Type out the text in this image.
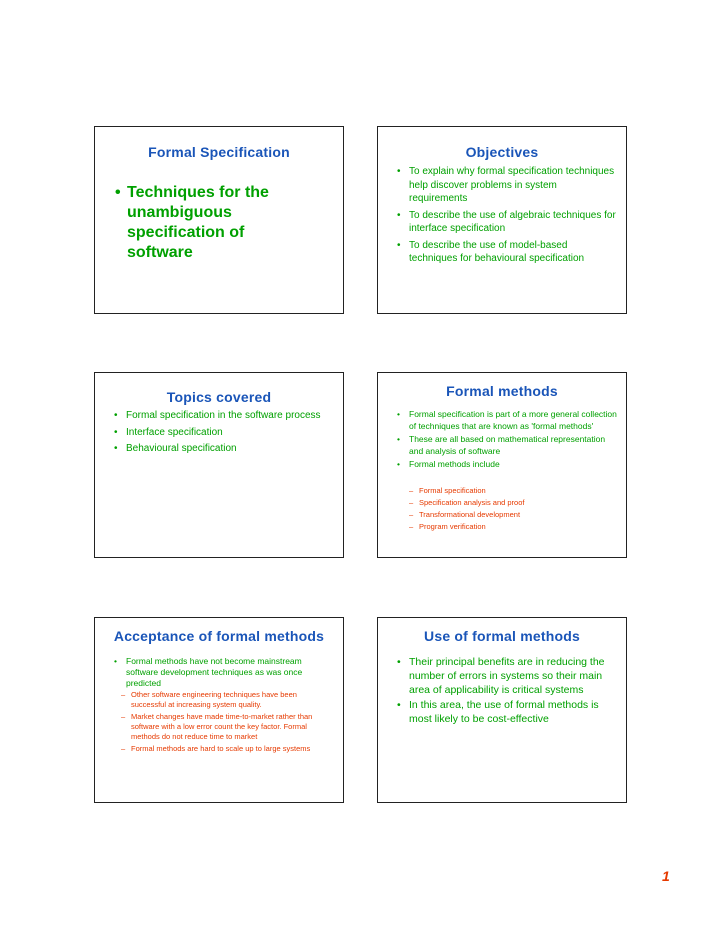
Formal Specification
• Techniques for the unambiguous specification of software
Objectives
• To explain why formal specification techniques help discover problems in system requirements
• To describe the use of algebraic techniques for interface specification
• To describe the use of model-based techniques for behavioural specification
Topics covered
• Formal specification in the software process
• Interface specification
• Behavioural specification
Formal methods
• Formal specification is part of a more general collection of techniques that are known as 'formal methods'
• These are all based on mathematical representation and analysis of software
• Formal methods include
– Formal specification
– Specification analysis and proof
– Transformational development
– Program verification
Acceptance of formal methods
• Formal methods have not become mainstream software development techniques as was once predicted
– Other software engineering techniques have been successful at increasing system quality.
– Market changes have made time-to-market rather than software with a low error count the key factor. Formal methods do not reduce time to market
– Formal methods are hard to scale up to large systems
Use of formal methods
• Their principal benefits are in reducing the number of errors in systems so their main area of applicability is critical systems
• In this area, the use of formal methods is most likely to be cost-effective
1
